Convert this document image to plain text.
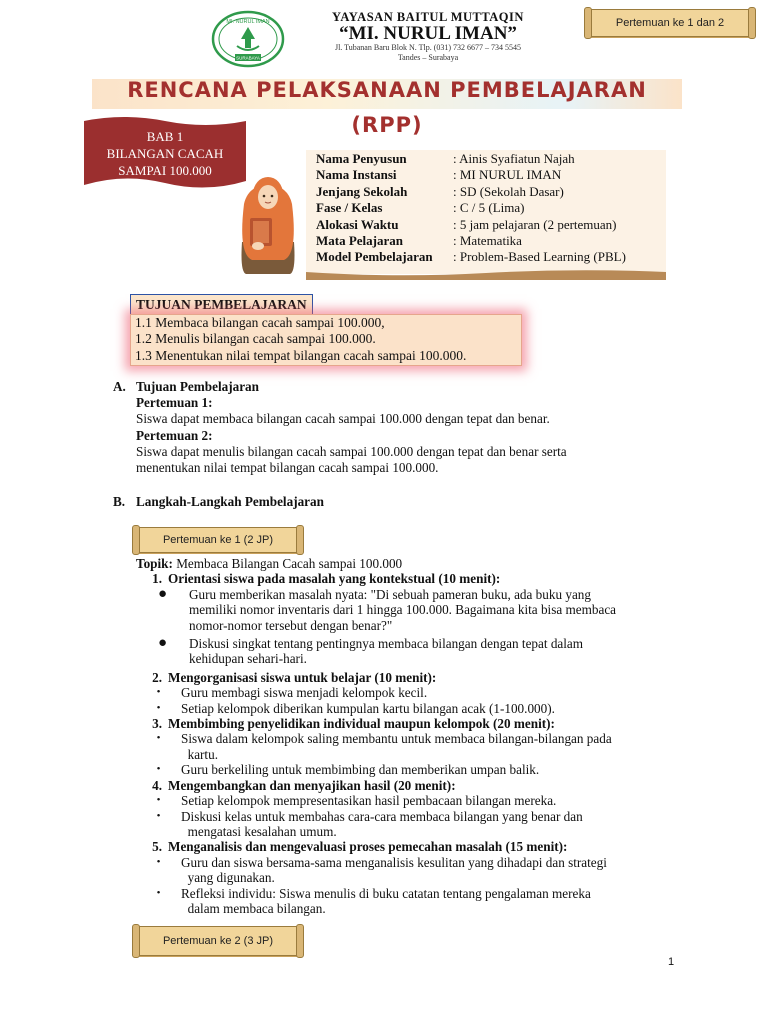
MI. NURUL IMAN
SURABAYA
YAYASAN BAITUL MUTTAQIN
“MI. NURUL IMAN”
Jl. Tubanan Baru Blok N. Tlp. (031) 732 6677 – 734 5545
Tandes – Surabaya
Pertemuan ke 1 dan 2
RENCANA PELAKSANAAN PEMBELAJARAN
(RPP)
BAB 1
BILANGAN CACAH
SAMPAI 100.000
Nama Penyusun	: Ainis Syafiatun Najah
Nama Instansi	: MI NURUL IMAN
Jenjang Sekolah	: SD (Sekolah Dasar)
Fase / Kelas	: C / 5 (Lima)
Alokasi Waktu	: 5 jam pelajaran (2 pertemuan)
Mata Pelajaran	: Matematika
Model Pembelajaran	: Problem-Based Learning (PBL)
TUJUAN PEMBELAJARAN
1.1 Membaca bilangan cacah sampai 100.000,
1.2 Menulis bilangan cacah sampai 100.000.
1.3 Menentukan nilai tempat bilangan cacah sampai 100.000.
A. Tujuan Pembelajaran
Pertemuan 1:
Siswa dapat membaca bilangan cacah sampai 100.000 dengan tepat dan benar.
Pertemuan 2:
Siswa dapat menulis bilangan cacah sampai 100.000 dengan tepat dan benar serta
menentukan nilai tempat bilangan cacah sampai 100.000.
B. Langkah-Langkah Pembelajaran
Pertemuan ke 1 (2 JP)
Topik: Membaca Bilangan Cacah sampai 100.000
1. Orientasi siswa pada masalah yang kontekstual (10 menit):
●	Guru memberikan masalah nyata: "Di sebuah pameran buku, ada buku yang
memiliki nomor inventaris dari 1 hingga 100.000. Bagaimana kita bisa membaca
nomor-nomor tersebut dengan benar?"
●	Diskusi singkat tentang pentingnya membaca bilangan dengan tepat dalam
kehidupan sehari-hari.
2. Mengorganisasi siswa untuk belajar (10 menit):
•	Guru membagi siswa menjadi kelompok kecil.
•	Setiap kelompok diberikan kumpulan kartu bilangan acak (1-100.000).
3. Membimbing penyelidikan individual maupun kelompok (20 menit):
•	Siswa dalam kelompok saling membantu untuk membaca bilangan-bilangan pada
kartu.
•	Guru berkeliling untuk membimbing dan memberikan umpan balik.
4. Mengembangkan dan menyajikan hasil (20 menit):
•	Setiap kelompok mempresentasikan hasil pembacaan bilangan mereka.
•	Diskusi kelas untuk membahas cara-cara membaca bilangan yang benar dan
mengatasi kesalahan umum.
5. Menganalisis dan mengevaluasi proses pemecahan masalah (15 menit):
•	Guru dan siswa bersama-sama menganalisis kesulitan yang dihadapi dan strategi
yang digunakan.
•	Refleksi individu: Siswa menulis di buku catatan tentang pengalaman mereka
dalam membaca bilangan.
Pertemuan ke 2 (3 JP)
1
